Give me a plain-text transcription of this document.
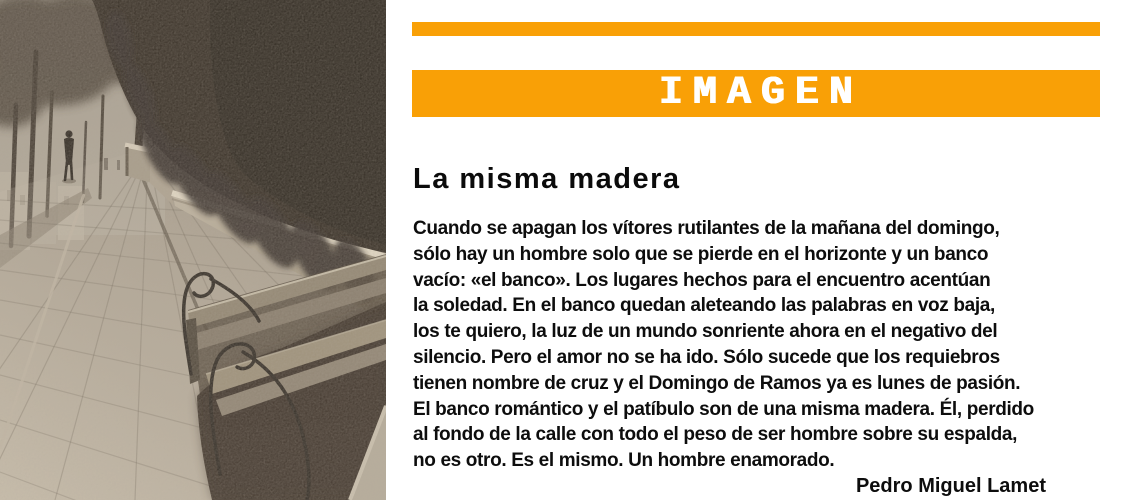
IMAGEN
La misma madera
Cuando se apagan los vítores rutilantes de la mañana del domingo,
sólo hay un hombre solo que se pierde en el horizonte y un banco
vacío: «el banco». Los lugares hechos para el encuentro acentúan
la soledad. En el banco quedan aleteando las palabras en voz baja,
los te quiero, la luz de un mundo sonriente ahora en el negativo del
silencio. Pero el amor no se ha ido. Sólo sucede que los requiebros
tienen nombre de cruz y el Domingo de Ramos ya es lunes de pasión.
El banco romántico y el patíbulo son de una misma madera. Él, perdido
al fondo de la calle con todo el peso de ser hombre sobre su espalda,
no es otro. Es el mismo. Un hombre enamorado.
Pedro Miguel Lamet
